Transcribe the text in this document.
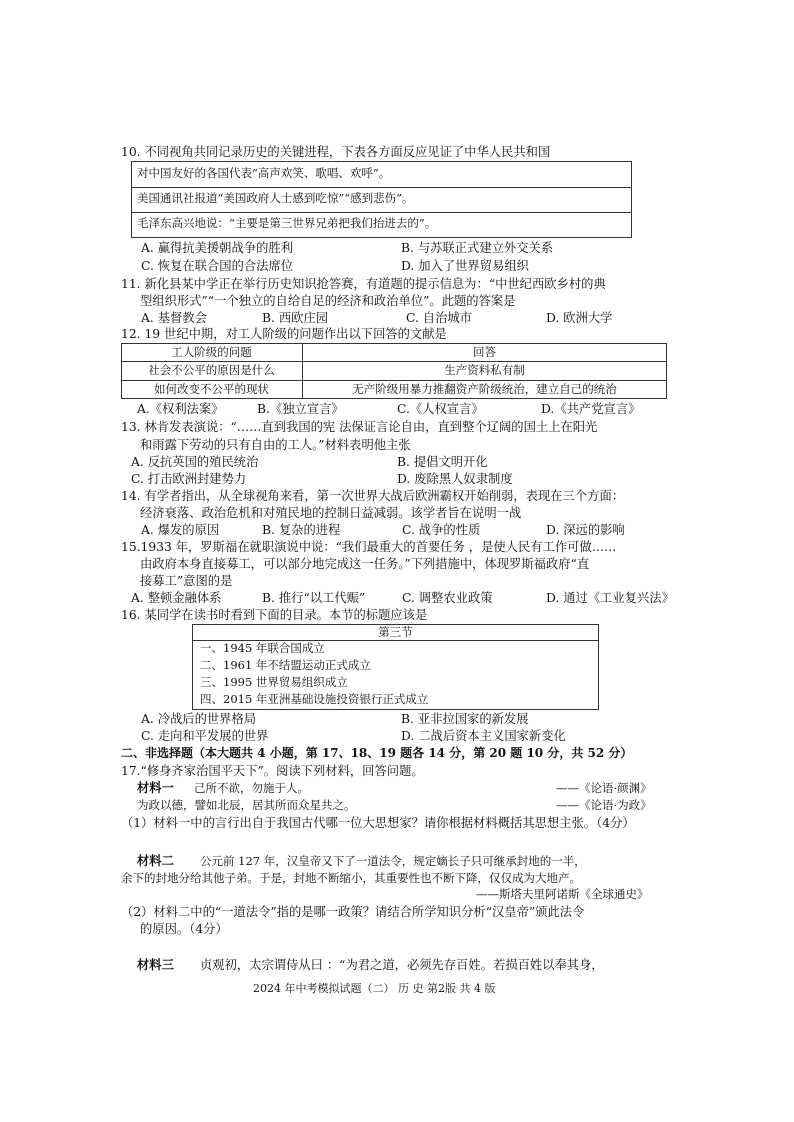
10. 不同视角共同记录历史的关键进程，下表各方面反应见证了中华人民共和国
对中国友好的各国代表“高声欢笑、歌唱、欢呼”。
美国通讯社报道“美国政府人士感到吃惊”“感到悲伤”。
毛泽东高兴地说：“主要是第三世界兄弟把我们抬进去的”。
A. 赢得抗美援朝战争的胜利	B. 与苏联正式建立外交关系
C. 恢复在联合国的合法席位	D. 加入了世界贸易组织
11. 新化县某中学正在举行历史知识抢答赛，有道题的提示信息为：“中世纪西欧乡村的典
型组织形式”“一个独立的自给自足的经济和政治单位”。此题的答案是
A. 基督教会	B. 西欧庄园	C. 自治城市	D. 欧洲大学
12. 19 世纪中期，对工人阶级的问题作出以下回答的文献是
工人阶级的问题	回答
社会不公平的原因是什么	生产资料私有制
如何改变不公平的现状	无产阶级用暴力推翻资产阶级统治，建立自己的统治
A.《权利法案》	B.《独立宣言》	C.《人权宣言》	D.《共产党宣言》
13. 林肯发表演说：“……直到我国的宪 法保证言论自由，直到整个辽阔的国土上在阳光
和雨露下劳动的只有自由的工人。”材料表明他主张
A. 反抗英国的殖民统治	B. 提倡文明开化
C. 打击欧洲封建势力	D. 废除黑人奴隶制度
14. 有学者指出，从全球视角来看，第一次世界大战后欧洲霸权开始削弱，表现在三个方面：
经济衰落、政治危机和对殖民地的控制日益减弱。该学者旨在说明一战
A. 爆发的原因	B. 复杂的进程	C. 战争的性质	D. 深远的影响
15.1933 年，罗斯福在就职演说中说：“我们最重大的首要任务 ，是使人民有工作可做……
由政府本身直接募工，可以部分地完成这一任务。”下列措施中，体现罗斯福政府“直
接募工”意图的是
A. 整顿金融体系	B. 推行“以工代赈”	C. 调整农业政策	D. 通过《工业复兴法》
16. 某同学在读书时看到下面的目录。本节的标题应该是
第三节
一、1945 年联合国成立
二、1961 年不结盟运动正式成立
三、1995 世界贸易组织成立
四、2015 年亚洲基础设施投资银行正式成立
A. 冷战后的世界格局	B. 亚非拉国家的新发展
C. 走向和平发展的世界	D. 二战后资本主义国家新变化
二、非选择题（本大题共 4 小题，第 17、18、19 题各 14 分，第 20 题 10 分，共 52 分）
17.“修身齐家治国平天下”。阅读下列材料，回答问题。
材料一 己所不欲，勿施于人。	——《论语·颜渊》
为政以德，譬如北辰，居其所而众星共之。	——《论语·为政》
（1）材料一中的言行出自于我国古代哪一位大思想家？请你根据材料概括其思想主张。（4分）
材料二 公元前 127 年，汉皇帝又下了一道法令，规定嫡长子只可继承封地的一半，
余下的封地分给其他子弟。于是，封地不断缩小，其重要性也不断下降，仅仅成为大地产。
——斯塔夫里阿诺斯《全球通史》
（2）材料二中的“一道法令”指的是哪一政策？请结合所学知识分析“汉皇帝”颁此法令
的原因。（4分）
材料三 贞观初，太宗谓侍从曰 ：“为君之道，必须先存百姓。若损百姓以奉其身，
2024 年中考模拟试题（二） 历 史 第2版 共 4 版
